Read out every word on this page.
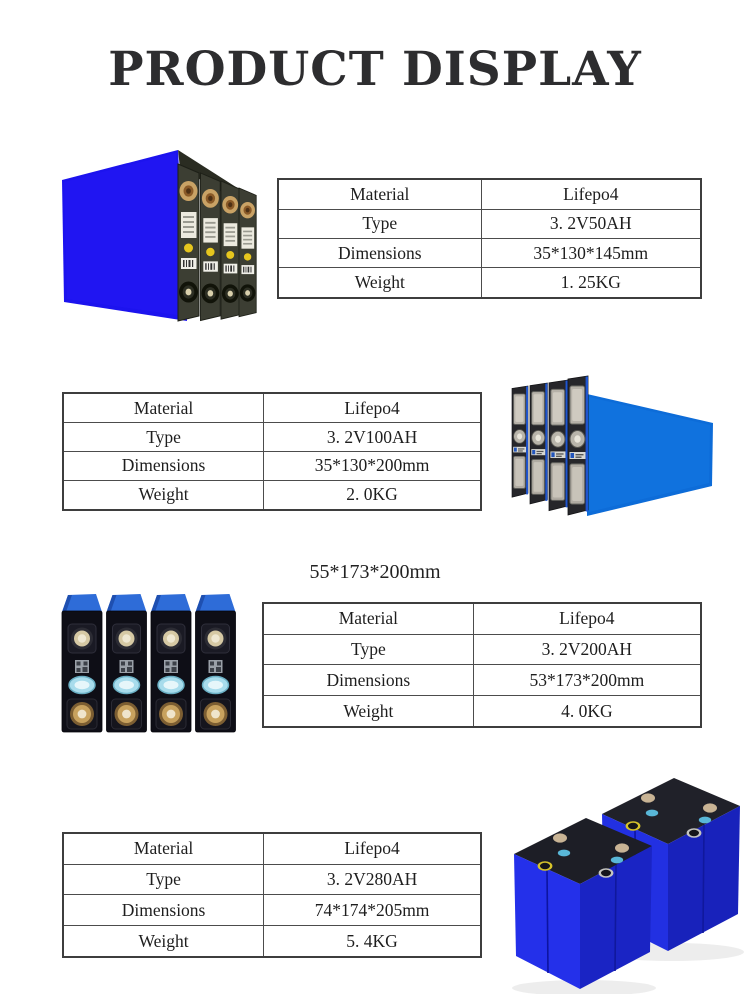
PRODUCT DISPLAY
Material	Lifepo4
Type	3. 2V50AH
Dimensions	35*130*145mm
Weight	1. 25KG
Material	Lifepo4
Type	3. 2V100AH
Dimensions	35*130*200mm
Weight	2. 0KG
55*173*200mm
Material	Lifepo4
Type	3. 2V200AH
Dimensions	53*173*200mm
Weight	4. 0KG
Material	Lifepo4
Type	3. 2V280AH
Dimensions	74*174*205mm
Weight	5. 4KG
